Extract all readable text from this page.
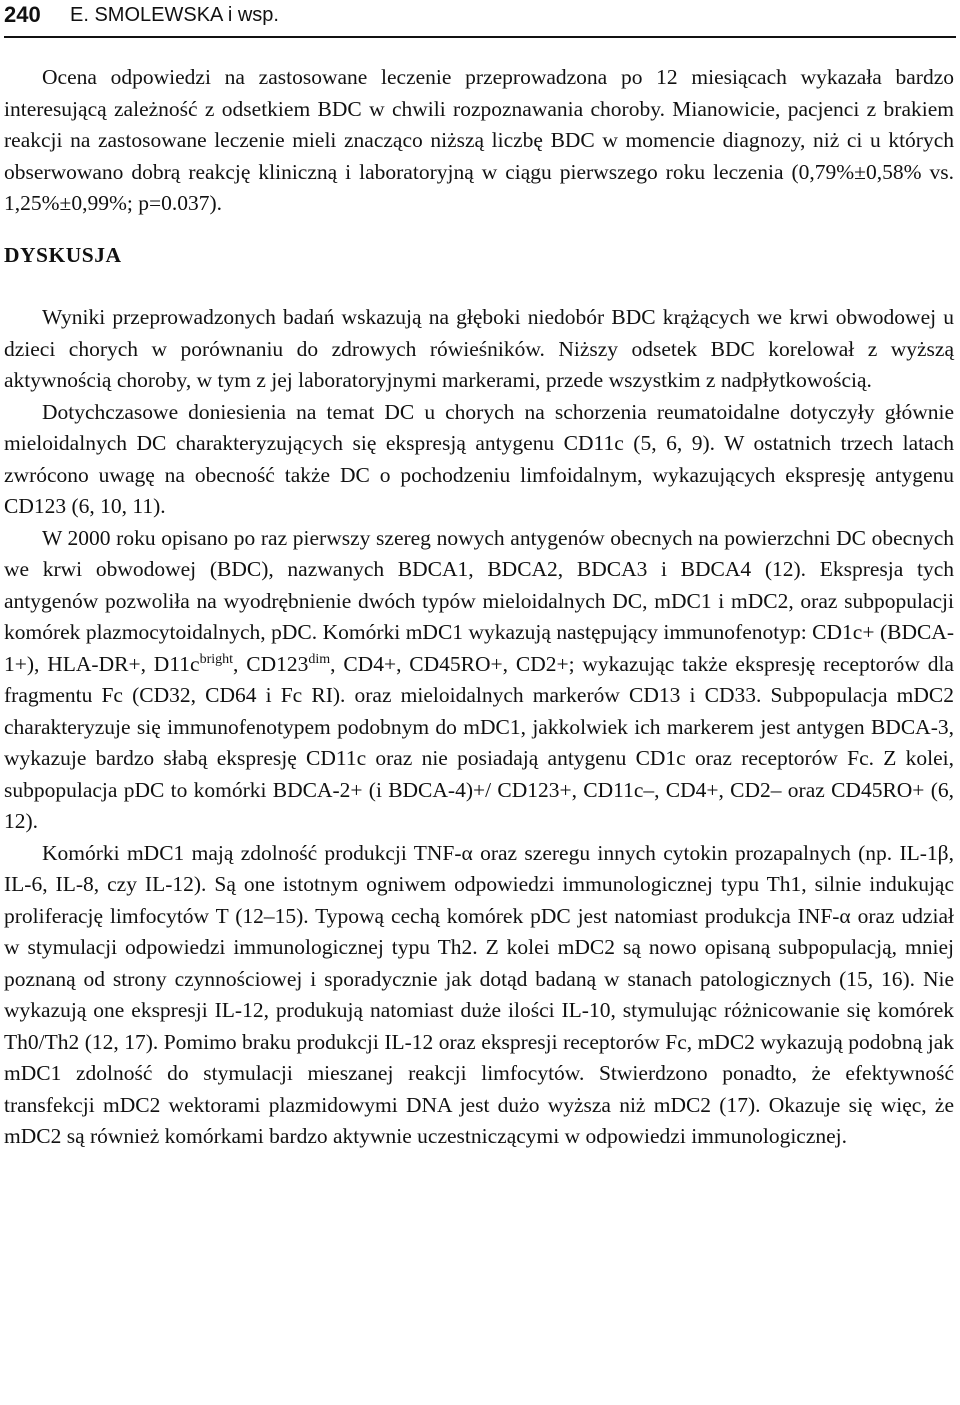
240 E. SMOLEWSKA i wsp.

Ocena odpowiedzi na zastosowane leczenie przeprowadzona po 12 miesiącach wykazała bardzo interesującą zależność z odsetkiem BDC w chwili rozpoznawania choroby. Mianowicie, pacjenci z brakiem reakcji na zastosowane leczenie mieli znacząco niższą liczbę BDC w momencie diagnozy, niż ci u których obserwowano dobrą reakcję kliniczną i laboratoryjną w ciągu pierwszego roku leczenia (0,79%±0,58% vs. 1,25%±0,99%; p=0.037).

DYSKUSJA

Wyniki przeprowadzonych badań wskazują na głęboki niedobór BDC krążących we krwi obwodowej u dzieci chorych w porównaniu do zdrowych rówieśników. Niższy odsetek BDC korelował z wyższą aktywnością choroby, w tym z jej laboratoryjnymi markerami, przede wszystkim z nadpłytkowością.

Dotychczasowe doniesienia na temat DC u chorych na schorzenia reumatoidalne dotyczyły głównie mieloidalnych DC charakteryzujących się ekspresją antygenu CD11c (5, 6, 9). W ostatnich trzech latach zwrócono uwagę na obecność także DC o pochodzeniu limfoidalnym, wykazujących ekspresję antygenu CD123 (6, 10, 11).

W 2000 roku opisano po raz pierwszy szereg nowych antygenów obecnych na powierzchni DC obecnych we krwi obwodowej (BDC), nazwanych BDCA1, BDCA2, BDCA3 i BDCA4 (12). Ekspresja tych antygenów pozwoliła na wyodrębnienie dwóch typów mieloidalnych DC, mDC1 i mDC2, oraz subpopulacji komórek plazmocytoidalnych, pDC. Komórki mDC1 wykazują następujący immunofenotyp: CD1c+ (BDCA-1+), HLA-DR+, $D11c^{bright}$, $CD123^{dim}$, CD4+, CD45RO+, CD2+; wykazując także ekspresję receptorów dla fragmentu Fc (CD32, CD64 i Fc RI). oraz mieloidalnych markerów CD13 i CD33. Subpopulacja mDC2 charakteryzuje się immunofenotypem podobnym do mDC1, jakkolwiek ich markerem jest antygen BDCA-3, wykazuje bardzo słabą ekspresję CD11c oraz nie posiadają antygenu CD1c oraz receptorów Fc. Z kolei, subpopulacja pDC to komórki BDCA-2+ (i BDCA-4)+/ CD123+, CD11c–, CD4+, CD2– oraz CD45RO+ (6, 12).

Komórki mDC1 mają zdolność produkcji TNF-α oraz szeregu innych cytokin prozapalnych (np. IL-1β, IL-6, IL-8, czy IL-12). Są one istotnym ogniwem odpowiedzi immunologicznej typu Th1, silnie indukując proliferację limfocytów T (12–15). Typową cechą komórek pDC jest natomiast produkcja INF-α oraz udział w stymulacji odpowiedzi immunologicznej typu Th2. Z kolei mDC2 są nowo opisaną subpopulacją, mniej poznaną od strony czynnościowej i sporadycznie jak dotąd badaną w stanach patologicznych (15, 16). Nie wykazują one ekspresji IL-12, produkują natomiast duże ilości IL-10, stymulując różnicowanie się komórek Th0/Th2 (12, 17). Pomimo braku produkcji IL-12 oraz ekspresji receptorów Fc, mDC2 wykazują podobną jak mDC1 zdolność do stymulacji mieszanej reakcji limfocytów. Stwierdzono ponadto, że efektywność transfekcji mDC2 wektorami plazmidowymi DNA jest dużo wyższa niż mDC2 (17). Okazuje się więc, że mDC2 są również komórkami bardzo aktywnie uczestniczącymi w odpowiedzi immunologicznej.
